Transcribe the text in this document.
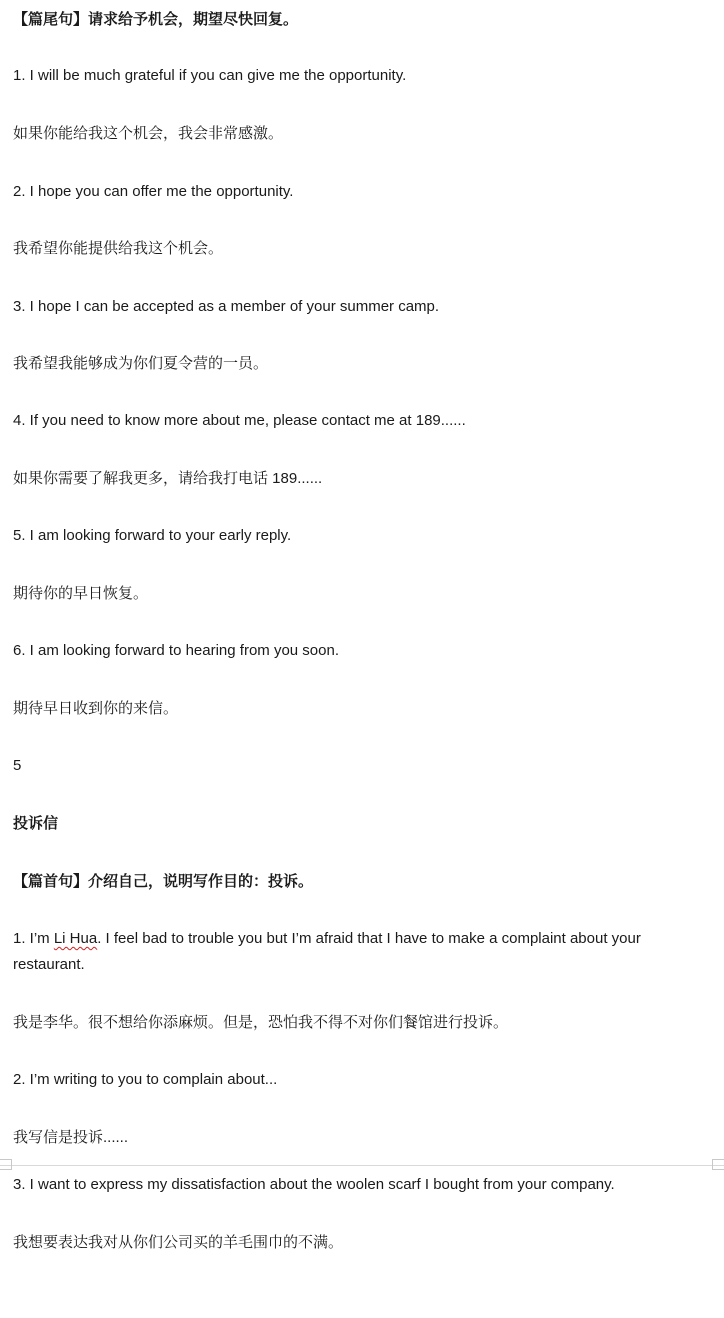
【篇尾句】请求给予机会，期望尽快回复。
1. I will be much grateful if you can give me the opportunity.
如果你能给我这个机会，我会非常感激。
2. I hope you can offer me the opportunity.
我希望你能提供给我这个机会。
3. I hope I can be accepted as a member of your summer camp.
我希望我能够成为你们夏令营的一员。
4. If you need to know more about me, please contact me at 189......
如果你需要了解我更多，请给我打电话 189......
5. I am looking forward to your early reply.
期待你的早日恢复。
6. I am looking forward to hearing from you soon.
期待早日收到你的来信。
5
投诉信
【篇首句】介绍自己，说明写作目的：投诉。
1. I’m Li Hua. I feel bad to trouble you but I’m afraid that I have to make a complaint about your restaurant.
我是李华。很不想给你添麻烦。但是，恐怕我不得不对你们餐馆进行投诉。
2. I’m writing to you to complain about...
我写信是投诉......
3. I want to express my dissatisfaction about the woolen scarf I bought from your company.
我想要表达我对从你们公司买的羊毛围巾的不满。
